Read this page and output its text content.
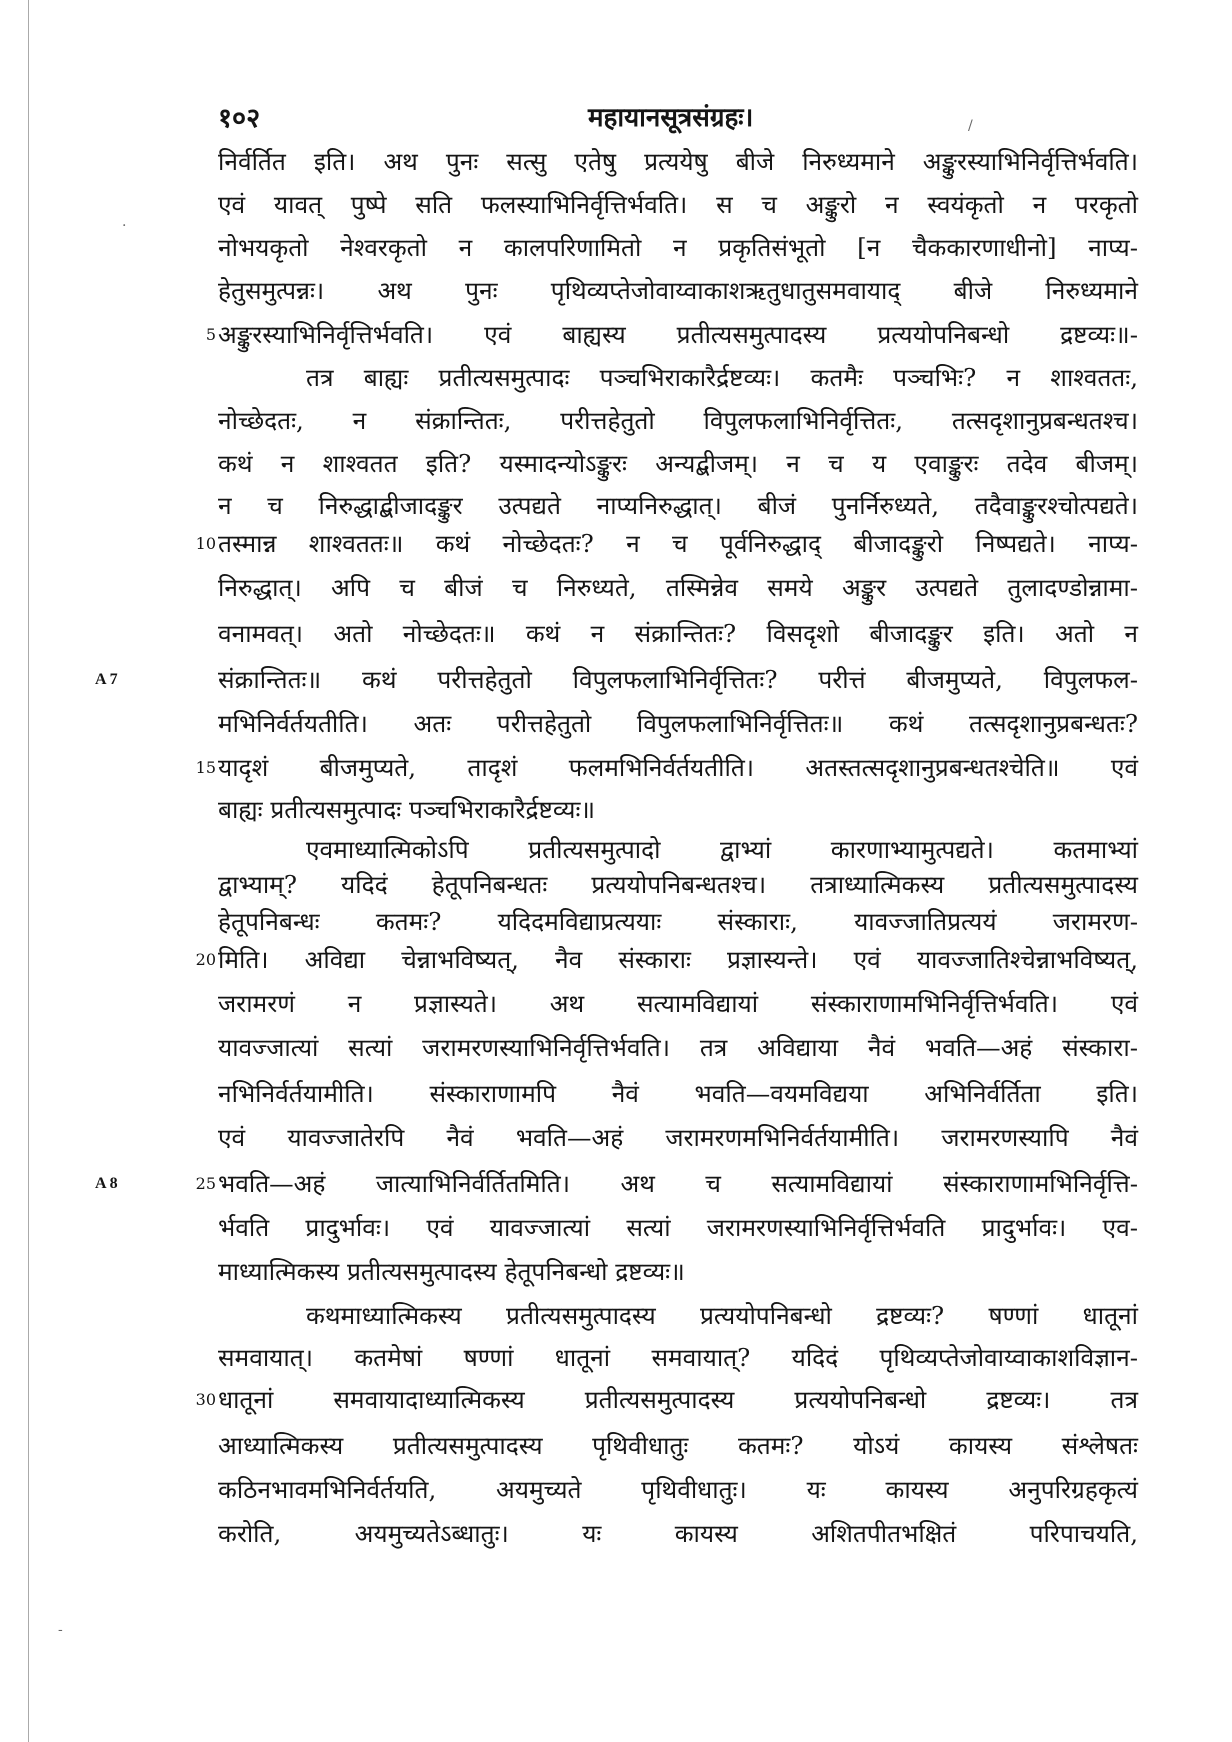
१०२	महायानसूत्रसंग्रहः।
A 7
A 8
5
10
15
20
25
30
निर्वर्तित इति। अथ पुनः सत्सु एतेषु प्रत्ययेषु बीजे निरुध्यमाने अङ्कुरस्याभिनिर्वृत्तिर्भवति।
एवं यावत् पुष्पे सति फलस्याभिनिर्वृत्तिर्भवति। स च अङ्कुरो न स्वयंकृतो न परकृतो
नोभयकृतो नेश्वरकृतो न कालपरिणामितो न प्रकृतिसंभूतो [न चैककारणाधीनो] नाप्य-
हेतुसमुत्पन्नः। अथ पुनः पृथिव्यप्तेजोवाय्वाकाशऋतुधातुसमवायाद् बीजे निरुध्यमाने
अङ्कुरस्याभिनिर्वृत्तिर्भवति। एवं बाह्यस्य प्रतीत्यसमुत्पादस्य प्रत्ययोपनिबन्धो द्रष्टव्यः॥-
तत्र बाह्यः प्रतीत्यसमुत्पादः पञ्चभिराकारैर्द्रष्टव्यः। कतमैः पञ्चभिः? न शाश्वततः,
नोच्छेदतः, न संक्रान्तितः, परीत्तहेतुतो विपुलफलाभिनिर्वृत्तितः, तत्सदृशानुप्रबन्धतश्च।
कथं न शाश्वतत इति? यस्मादन्योऽङ्कुरः अन्यद्बीजम्। न च य एवाङ्कुरः तदेव बीजम्।
न च निरुद्धाद्बीजादङ्कुर उत्पद्यते नाप्यनिरुद्धात्। बीजं पुनर्निरुध्यते, तदैवाङ्कुरश्चोत्पद्यते।
तस्मान्न शाश्वततः॥ कथं नोच्छेदतः? न च पूर्वनिरुद्धाद् बीजादङ्कुरो निष्पद्यते। नाप्य-
निरुद्धात्। अपि च बीजं च निरुध्यते, तस्मिन्नेव समये अङ्कुर उत्पद्यते तुलादण्डोन्नामा-
वनामवत्। अतो नोच्छेदतः॥ कथं न संक्रान्तितः? विसदृशो बीजादङ्कुर इति। अतो न
संक्रान्तितः॥ कथं परीत्तहेतुतो विपुलफलाभिनिर्वृत्तितः? परीत्तं बीजमुप्यते, विपुलफल-
मभिनिर्वर्तयतीति। अतः परीत्तहेतुतो विपुलफलाभिनिर्वृत्तितः॥ कथं तत्सदृशानुप्रबन्धतः?
यादृशं बीजमुप्यते, तादृशं फलमभिनिर्वर्तयतीति। अतस्तत्सदृशानुप्रबन्धतश्चेति॥ एवं
बाह्यः प्रतीत्यसमुत्पादः पञ्चभिराकारैर्द्रष्टव्यः॥
एवमाध्यात्मिकोऽपि प्रतीत्यसमुत्पादो द्वाभ्यां कारणाभ्यामुत्पद्यते। कतमाभ्यां
द्वाभ्याम्? यदिदं हेतूपनिबन्धतः प्रत्ययोपनिबन्धतश्च। तत्राध्यात्मिकस्य प्रतीत्यसमुत्पादस्य
हेतूपनिबन्धः कतमः? यदिदमविद्याप्रत्ययाः संस्काराः, यावज्जातिप्रत्ययं जरामरण-
मिति। अविद्या चेन्नाभविष्यत्, नैव संस्काराः प्रज्ञास्यन्ते। एवं यावज्जातिश्चेन्नाभविष्यत्,
जरामरणं न प्रज्ञास्यते। अथ सत्यामविद्यायां संस्काराणामभिनिर्वृत्तिर्भवति। एवं
यावज्जात्यां सत्यां जरामरणस्याभिनिर्वृत्तिर्भवति। तत्र अविद्याया नैवं भवति—अहं संस्कारा-
नभिनिर्वर्तयामीति। संस्काराणामपि नैवं भवति—वयमविद्यया अभिनिर्वर्तिता इति।
एवं यावज्जातेरपि नैवं भवति—अहं जरामरणमभिनिर्वर्तयामीति। जरामरणस्यापि नैवं
भवति—अहं जात्याभिनिर्वर्तितमिति। अथ च सत्यामविद्यायां संस्काराणामभिनिर्वृत्ति-
र्भवति प्रादुर्भावः। एवं यावज्जात्यां सत्यां जरामरणस्याभिनिर्वृत्तिर्भवति प्रादुर्भावः। एव-
माध्यात्मिकस्य प्रतीत्यसमुत्पादस्य हेतूपनिबन्धो द्रष्टव्यः॥
कथमाध्यात्मिकस्य प्रतीत्यसमुत्पादस्य प्रत्ययोपनिबन्धो द्रष्टव्यः? षण्णां धातूनां
समवायात्। कतमेषां षण्णां धातूनां समवायात्? यदिदं पृथिव्यप्तेजोवाय्वाकाशविज्ञान-
धातूनां समवायादाध्यात्मिकस्य प्रतीत्यसमुत्पादस्य प्रत्ययोपनिबन्धो द्रष्टव्यः। तत्र
आध्यात्मिकस्य प्रतीत्यसमुत्पादस्य पृथिवीधातुः कतमः? योऽयं कायस्य संश्लेषतः
कठिनभावमभिनिर्वर्तयति, अयमुच्यते पृथिवीधातुः। यः कायस्य अनुपरिग्रहकृत्यं
करोति, अयमुच्यतेऽब्धातुः। यः कायस्य अशितपीतभक्षितं परिपाचयति,
·
-
/
